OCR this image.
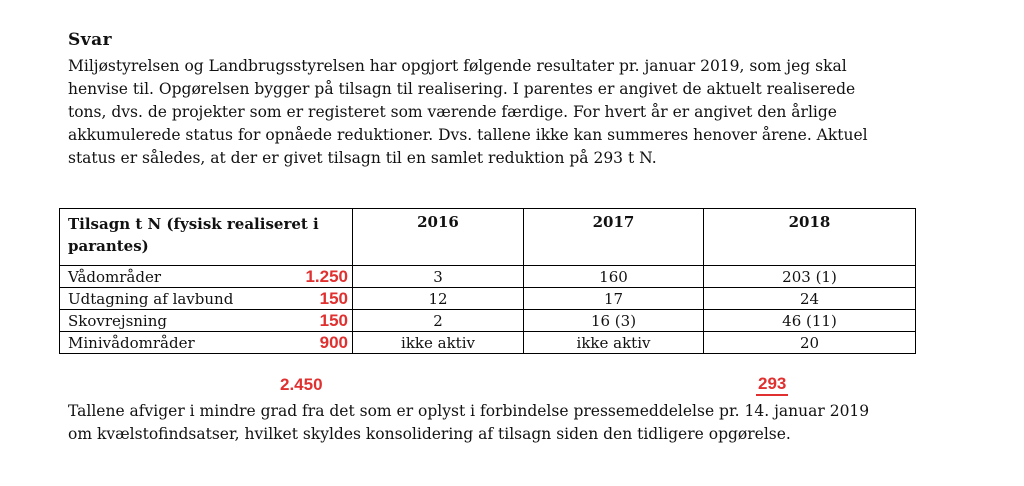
Svar
Miljøstyrelsen og Landbrugsstyrelsen har opgjort følgende resultater pr. januar 2019, som jeg skal
henvise til. Opgørelsen bygger på tilsagn til realisering. I parentes er angivet de aktuelt realiserede
tons, dvs. de projekter som er registeret som værende færdige. For hvert år er angivet den årlige
akkumulerede status for opnåede reduktioner. Dvs. tallene ikke kan summeres henover årene. Aktuel
status er således, at der er givet tilsagn til en samlet reduktion på 293 t N.
Tilsagn t N (fysisk realiseret i parantes)	2016	2017	2018
Vådområder 1.250	3	160	203 (1)
Udtagning af lavbund 150	12	17	24
Skovrejsning 150	2	16 (3)	46 (11)
Minivådområder 900	ikke aktiv	ikke aktiv	20
2.450	293
Tallene afviger i mindre grad fra det som er oplyst i forbindelse pressemeddelelse pr. 14. januar 2019
om kvælstofindsatser, hvilket skyldes konsolidering af tilsagn siden den tidligere opgørelse.
